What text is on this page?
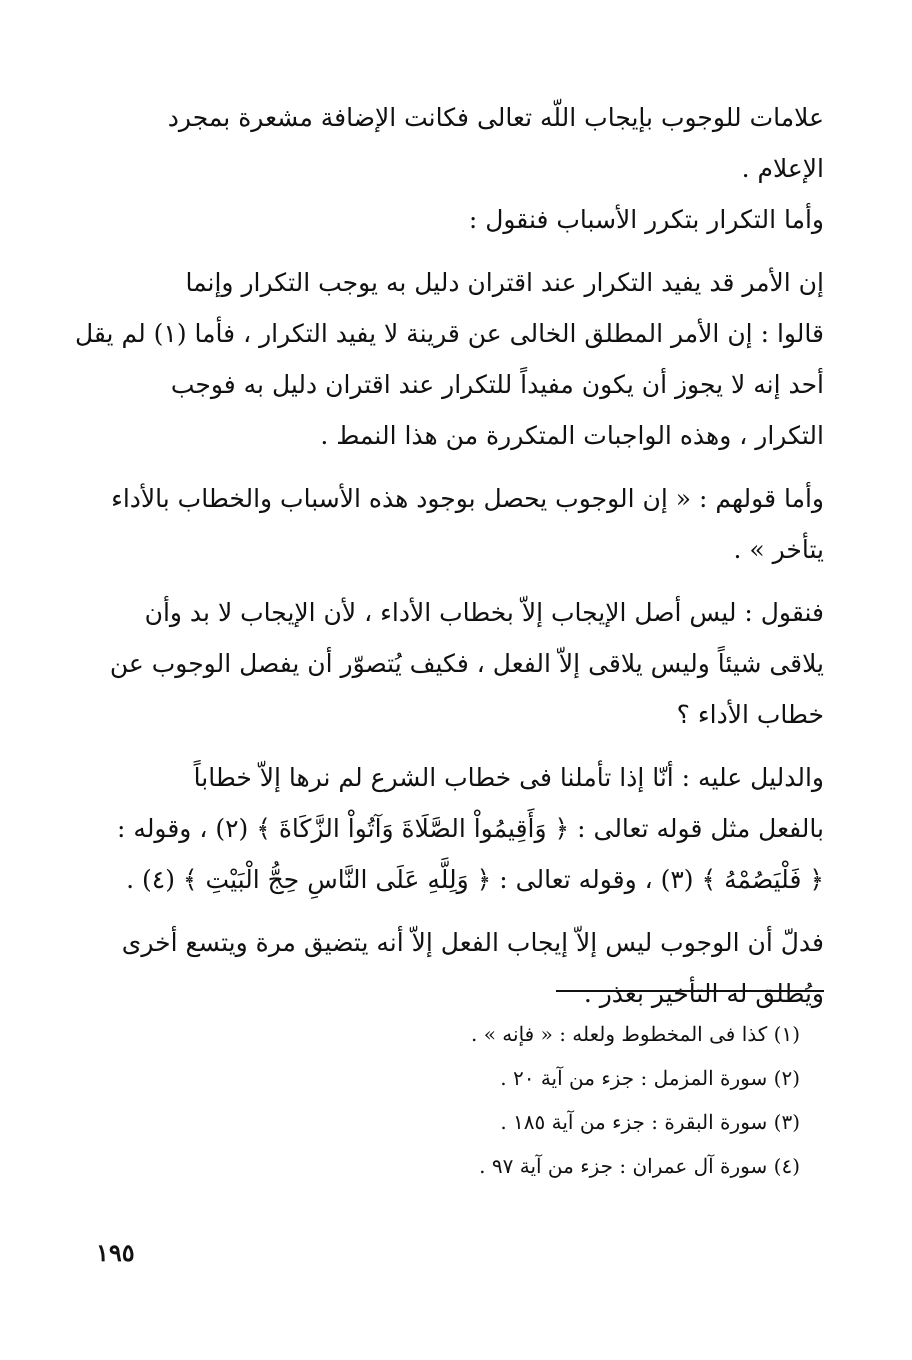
علامات للوجوب بإيجاب اللّه تعالى فكانت الإضافة مشعرة بمجرد
الإعلام .
وأما التكرار بتكرر الأسباب فنقول :
إن الأمر قد يفيد التكرار عند اقتران دليل به يوجب التكرار وإنما
قالوا : إن الأمر المطلق الخالى عن قرينة لا يفيد التكرار ، فأما (١) لم يقل
أحد إنه لا يجوز أن يكون مفيداً للتكرار عند اقتران دليل به فوجب
التكرار ، وهذه الواجبات المتكررة من هذا النمط .
وأما قولهم : « إن الوجوب يحصل بوجود هذه الأسباب والخطاب بالأداء
يتأخر » .
فنقول : ليس أصل الإيجاب إلاّ بخطاب الأداء ، لأن الإيجاب لا بد وأن
يلاقى شيئاً وليس يلاقى إلاّ الفعل ، فكيف يُتصوّر أن يفصل الوجوب عن
خطاب الأداء ؟
والدليل عليه : أنّا إذا تأملنا فى خطاب الشرع لم نرها إلاّ خطاباً
بالفعل مثل قوله تعالى : ﴿ وَأَقِيمُواْ الصَّلَاةَ وَآتُواْ الزَّكَاةَ ﴾ (٢) ، وقوله :
﴿ فَلْيَصُمْهُ ﴾ (٣) ، وقوله تعالى : ﴿ وَلِلَّهِ عَلَى النَّاسِ حِجُّ الْبَيْتِ ﴾ (٤) .
فدلّ أن الوجوب ليس إلاّ إيجاب الفعل إلاّ أنه يتضيق مرة ويتسع أخرى
ويُطلق له التأخير بعذر .
(١) كذا فى المخطوط ولعله : « فإنه » .
(٢) سورة المزمل : جزء من آية ٢٠ .
(٣) سورة البقرة : جزء من آية ١٨٥ .
(٤) سورة آل عمران : جزء من آية ٩٧ .
١٩٥
